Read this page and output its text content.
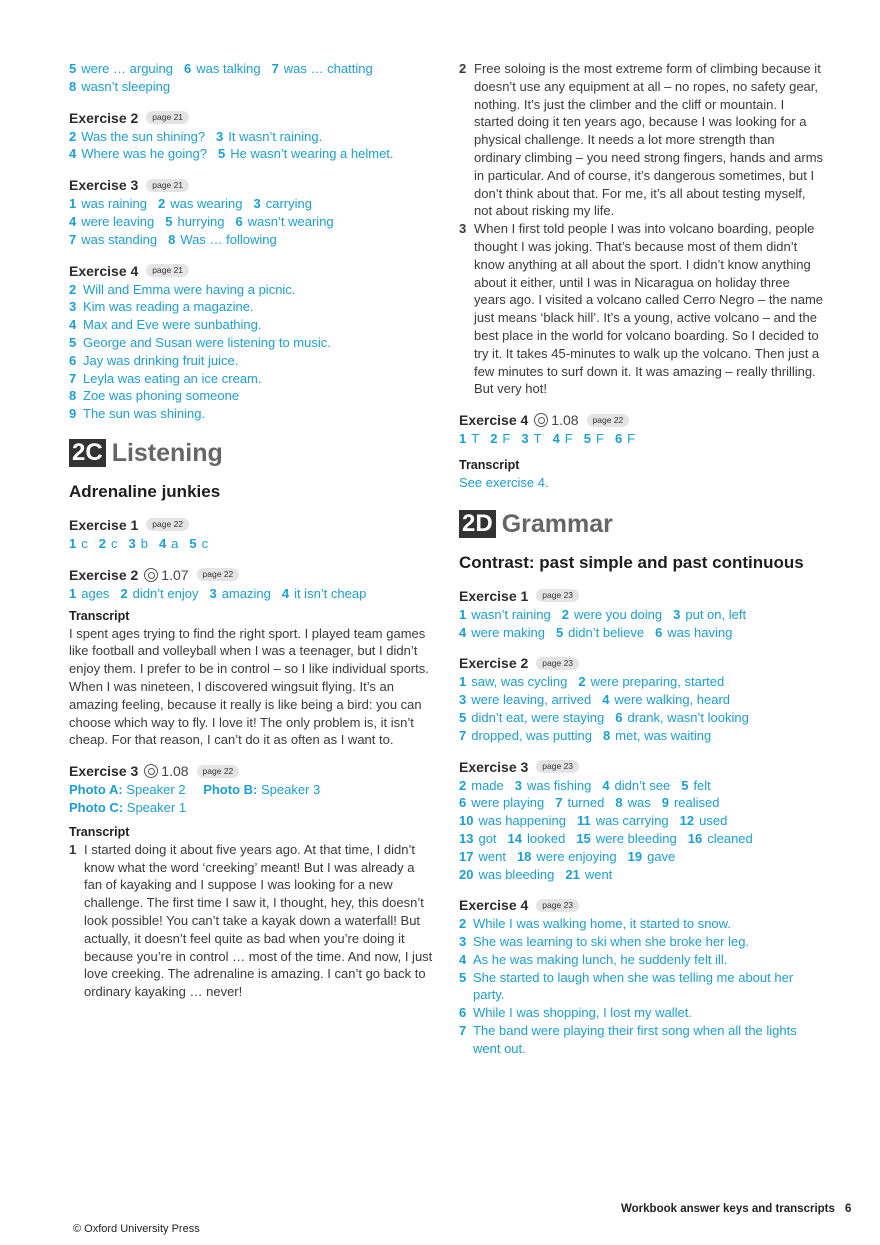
5 were … arguing 6 was talking 7 was … chatting
8 wasn’t sleeping
Exercise 2	page 21
2 Was the sun shining? 3 It wasn’t raining.
4 Where was he going? 5 He wasn’t wearing a helmet.
Exercise 3	page 21
1 was raining 2 was wearing 3 carrying
4 were leaving 5 hurrying 6 wasn’t wearing
7 was standing 8 Was … following
Exercise 4	page 21
2 Will and Emma were having a picnic.
3 Kim was reading a magazine.
4 Max and Eve were sunbathing.
5 George and Susan were listening to music.
6 Jay was drinking fruit juice.
7 Leyla was eating an ice cream.
8 Zoe was phoning someone
9 The sun was shining.
2C Listening
Adrenaline junkies
Exercise 1	page 22
1 c 2 c 3 b 4 a 5 c
Exercise 2 1.07	page 22
1 ages 2 didn’t enjoy 3 amazing 4 it isn’t cheap
Transcript
I spent ages trying to find the right sport. I played team games like football and volleyball when I was a teenager, but I didn’t enjoy them. I prefer to be in control – so I like individual sports. When I was nineteen, I discovered wingsuit flying. It’s an amazing feeling, because it really is like being a bird: you can choose which way to fly. I love it! The only problem is, it isn’t cheap. For that reason, I can’t do it as often as I want to.
Exercise 3 1.08	page 22
Photo A: Speaker 2 Photo B: Speaker 3
Photo C: Speaker 1
Transcript
1 I started doing it about five years ago. At that time, I didn’t know what the word ‘creeking’ meant! But I was already a fan of kayaking and I suppose I was looking for a new challenge. The first time I saw it, I thought, hey, this doesn’t look possible! You can’t take a kayak down a waterfall! But actually, it doesn’t feel quite as bad when you’re doing it because you’re in control … most of the time. And now, I just love creeking. The adrenaline is amazing. I can’t go back to ordinary kayaking … never!
2 Free soloing is the most extreme form of climbing because it doesn’t use any equipment at all – no ropes, no safety gear, nothing. It’s just the climber and the cliff or mountain. I started doing it ten years ago, because I was looking for a physical challenge. It needs a lot more strength than ordinary climbing – you need strong fingers, hands and arms in particular. And of course, it’s dangerous sometimes, but I don’t think about that. For me, it’s all about testing myself, not about risking my life.
3 When I first told people I was into volcano boarding, people thought I was joking. That’s because most of them didn’t know anything at all about the sport. I didn’t know anything about it either, until I was in Nicaragua on holiday three years ago. I visited a volcano called Cerro Negro – the name just means ‘black hill’. It’s a young, active volcano – and the best place in the world for volcano boarding. So I decided to try it. It takes 45-minutes to walk up the volcano. Then just a few minutes to surf down it. It was amazing – really thrilling. But very hot!
Exercise 4 1.08	page 22
1 T 2 F 3 T 4 F 5 F 6 F
Transcript
See exercise 4.
2D Grammar
Contrast: past simple and past continuous
Exercise 1	page 23
1 wasn’t raining 2 were you doing 3 put on, left
4 were making 5 didn’t believe 6 was having
Exercise 2	page 23
1 saw, was cycling 2 were preparing, started
3 were leaving, arrived 4 were walking, heard
5 didn’t eat, were staying 6 drank, wasn’t looking
7 dropped, was putting 8 met, was waiting
Exercise 3	page 23
2 made 3 was fishing 4 didn’t see 5 felt
6 were playing 7 turned 8 was 9 realised
10 was happening 11 was carrying 12 used
13 got 14 looked 15 were bleeding 16 cleaned
17 went 18 were enjoying 19 gave
20 was bleeding 21 went
Exercise 4	page 23
2 While I was walking home, it started to snow.
3 She was learning to ski when she broke her leg.
4 As he was making lunch, he suddenly felt ill.
5 She started to laugh when she was telling me about her party.
6 While I was shopping, I lost my wallet.
7 The band were playing their first song when all the lights went out.
Workbook answer keys and transcripts 6
© Oxford University Press
